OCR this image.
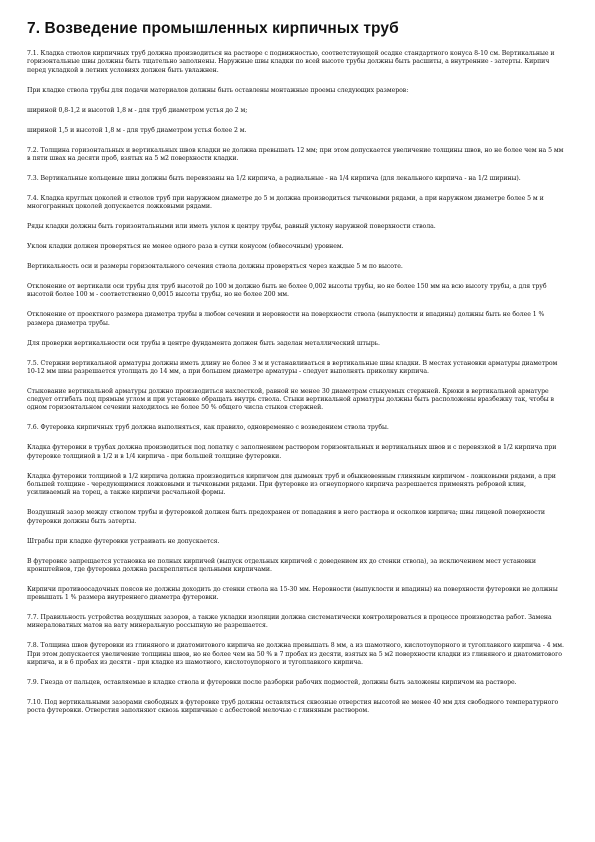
7. Возведение промышленных кирпичных труб

7.1. Кладка стволов кирпичных труб должна производиться на растворе с подвижностью, соответствующей осадке стандартного конуса 8-10 см. Вертикальные и горизонтальные швы должны быть тщательно заполнены. Наружные швы кладки по всей высоте трубы должны быть расшиты, а внутренние - затерты. Кирпич перед укладкой в летних условиях должен быть увлажнен.

При кладке ствола трубы для подачи материалов должны быть оставлены монтажные проемы следующих размеров:

шириной 0,8-1,2 и высотой 1,8 м - для труб диаметром устья до 2 м;

шириной 1,5 и высотой 1,8 м - для труб диаметром устья более 2 м.

7.2. Толщина горизонтальных и вертикальных швов кладки не должна превышать 12 мм; при этом допускается увеличение толщины швов, но не более чем на 5 мм в пяти швах на десяти проб, взятых на 5 м2 поверхности кладки.

7.3. Вертикальные кольцевые швы должны быть перевязаны на 1/2 кирпича, а радиальные - на 1/4 кирпича (для лекального кирпича - на 1/2 ширины).

7.4. Кладка круглых цоколей и стволов труб при наружном диаметре до 5 м должна производиться тычковыми рядами, а при наружном диаметре более 5 м и многогранных цоколей допускается ложковыми рядами.

Ряды кладки должны быть горизонтальными или иметь уклон к центру трубы, равный уклону наружной поверхности ствола.

Уклон кладки должен проверяться не менее одного раза в сутки конусом (обвесочным) уровнем.

Вертикальность оси и размеры горизонтального сечения ствола должны проверяться через каждые 5 м по высоте.

Отклонение от вертикали оси трубы для труб высотой до 100 м должно быть не более 0,002 высоты трубы, но не более 150 мм на всю высоту трубы, а для труб высотой более 100 м - соответственно 0,0015 высоты трубы, но не более 200 мм.

Отклонение от проектного размера диаметра трубы в любом сечении и неровности на поверхности ствола (выпуклости и впадины) должны быть не более 1 % размера диаметра трубы.

Для проверки вертикальности оси трубы в центре фундамента должен быть заделан металлический штырь.

7.5. Стержни вертикальной арматуры должны иметь длину не более 3 м и устанавливаться в вертикальные швы кладки. В местах установки арматуры диаметром 10-12 мм швы разрешается утолщать до 14 мм, а при большем диаметре арматуры - следует выполнять приколку кирпича.

Стыкование вертикальной арматуры должно производиться нахлесткой, равной не менее 30 диаметрам стыкуемых стержней. Крюки в вертикальной арматуре следует отгибать под прямым углом и при установке обращать внутрь ствола. Стыки вертикальной арматуры должны быть расположены вразбежку так, чтобы в одном горизонтальном сечении находилось не более 50 % общего числа стыков стержней.

7.6. Футеровка кирпичных труб должна выполняться, как правило, одновременно с возведением ствола трубы.

Кладка футеровки в трубах должна производиться под лопатку с заполнением раствором горизонтальных и вертикальных швов и с перевязкой в 1/2 кирпича при футеровке толщиной в 1/2 и в 1/4 кирпича - при большей толщине футеровки.

Кладка футеровки толщиной в 1/2 кирпича должна производиться кирпичом для дымовых труб и обыкновенным глиняным кирпичом - ложковыми рядами, а при большей толщине - чередующимися ложковыми и тычковыми рядами. При футеровке из огнеупорного кирпича разрешается применять ребровой клин, усиливаемый на торец, а также кирпичи расчальной формы.

Воздушный зазор между стволом трубы и футеровкой должен быть предохранен от попадания в него раствора и осколков кирпича; швы лицевой поверхности футеровки должны быть затерты.

Штрабы при кладке футеровки устраивать не допускается.

В футеровке запрещается установка не полных кирпичей (выпуск отдельных кирпичей с доведением их до стенки ствола), за исключением мест установки кронштейнов, где футеровка должна раскрепляться цельными кирпичами.

Кирпичи противоосадочных поясов не должны доходить до стенки ствола на 15-30 мм. Неровности (выпуклости и впадины) на поверхности футеровки не должны превышать 1 % размера внутреннего диаметра футеровки.

7.7. Правильность устройства воздушных зазоров, а также укладки изоляции должна систематически контролироваться в процессе производства работ. Замена минераловатных матов на вату минеральную россыпную не разрешается.

7.8. Толщина швов футеровки из глиняного и диатомитового кирпича не должна превышать 8 мм, а из шамотного, кислотоупорного и тугоплавкого кирпича - 4 мм. При этом допускается увеличение толщины швов, но не более чем на 50 % в 7 пробах из десяти, взятых на 5 м2 поверхности кладки из глиняного и диатомитового кирпича, и в 6 пробах из десяти - при кладке из шамотного, кислотоупорного и тугоплавкого кирпича.

7.9. Гнезда от пальцев, оставляемые в кладке ствола и футеровки после разборки рабочих подмостей, должны быть заложены кирпичом на растворе.

7.10. Под вертикальными зазорами свободных в футеровке труб должны оставляться сквозные отверстия высотой не менее 40 мм для свободного температурного роста футеровки. Отверстия заполняют сквозь кирпичные с асбестовой мелочью с глиняным раствором.
